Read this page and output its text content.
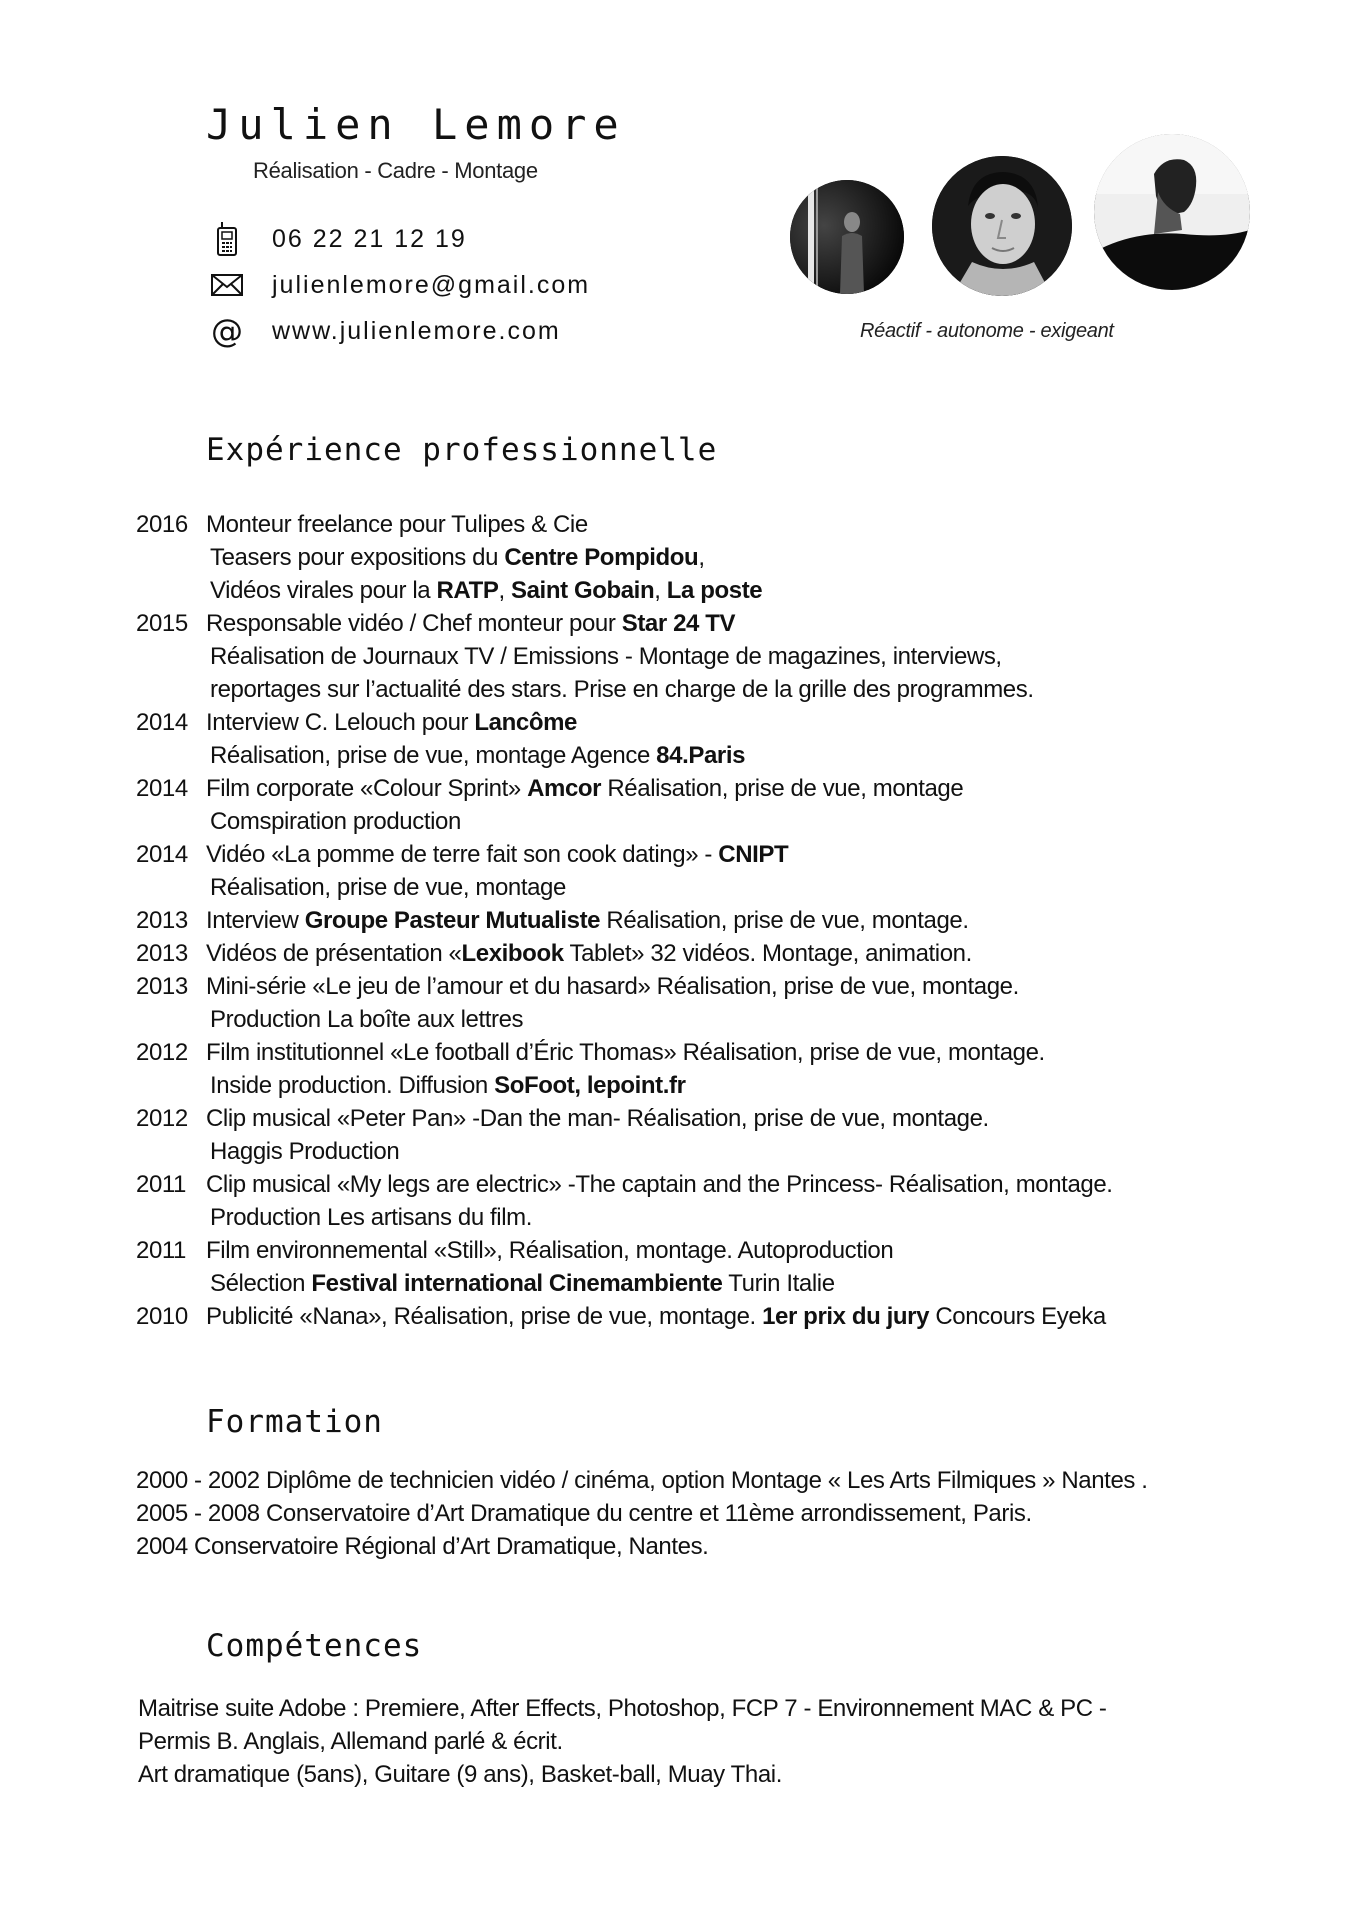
Julien Lemore
Réalisation - Cadre - Montage
06 22 21 12 19
julienlemore@gmail.com
@ www.julienlemore.com	Réactif - autonome - exigeant
Expérience professionnelle
2016 Monteur freelance pour Tulipes & Cie
Teasers pour expositions du Centre Pompidou,
Vidéos virales pour la RATP, Saint Gobain, La poste
2015 Responsable vidéo / Chef monteur pour Star 24 TV
Réalisation de Journaux TV / Emissions - Montage de magazines, interviews,
reportages sur l’actualité des stars. Prise en charge de la grille des programmes.
2014 Interview C. Lelouch pour Lancôme
Réalisation, prise de vue, montage Agence 84.Paris
2014 Film corporate «Colour Sprint» Amcor Réalisation, prise de vue, montage
Comspiration production
2014 Vidéo «La pomme de terre fait son cook dating» - CNIPT
Réalisation, prise de vue, montage
2013 Interview Groupe Pasteur Mutualiste Réalisation, prise de vue, montage.
2013 Vidéos de présentation «Lexibook Tablet» 32 vidéos. Montage, animation.
2013 Mini-série «Le jeu de l’amour et du hasard» Réalisation, prise de vue, montage.
Production La boîte aux lettres
2012 Film institutionnel «Le football d’Éric Thomas» Réalisation, prise de vue, montage.
Inside production. Diffusion SoFoot, lepoint.fr
2012 Clip musical «Peter Pan» -Dan the man- Réalisation, prise de vue, montage.
Haggis Production
2011 Clip musical «My legs are electric» -The captain and the Princess- Réalisation, montage.
Production Les artisans du film.
2011 Film environnemental «Still», Réalisation, montage. Autoproduction
Sélection Festival international Cinemambiente Turin Italie
2010 Publicité «Nana», Réalisation, prise de vue, montage. 1er prix du jury Concours Eyeka
Formation
2000 - 2002 Diplôme de technicien vidéo / cinéma, option Montage « Les Arts Filmiques » Nantes .
2005 - 2008 Conservatoire d’Art Dramatique du centre et 11ème arrondissement, Paris.
2004 Conservatoire Régional d’Art Dramatique, Nantes.
Compétences
Maitrise suite Adobe : Premiere, After Effects, Photoshop, FCP 7 - Environnement MAC & PC -
Permis B. Anglais, Allemand parlé & écrit.
Art dramatique (5ans), Guitare (9 ans), Basket-ball, Muay Thai.
